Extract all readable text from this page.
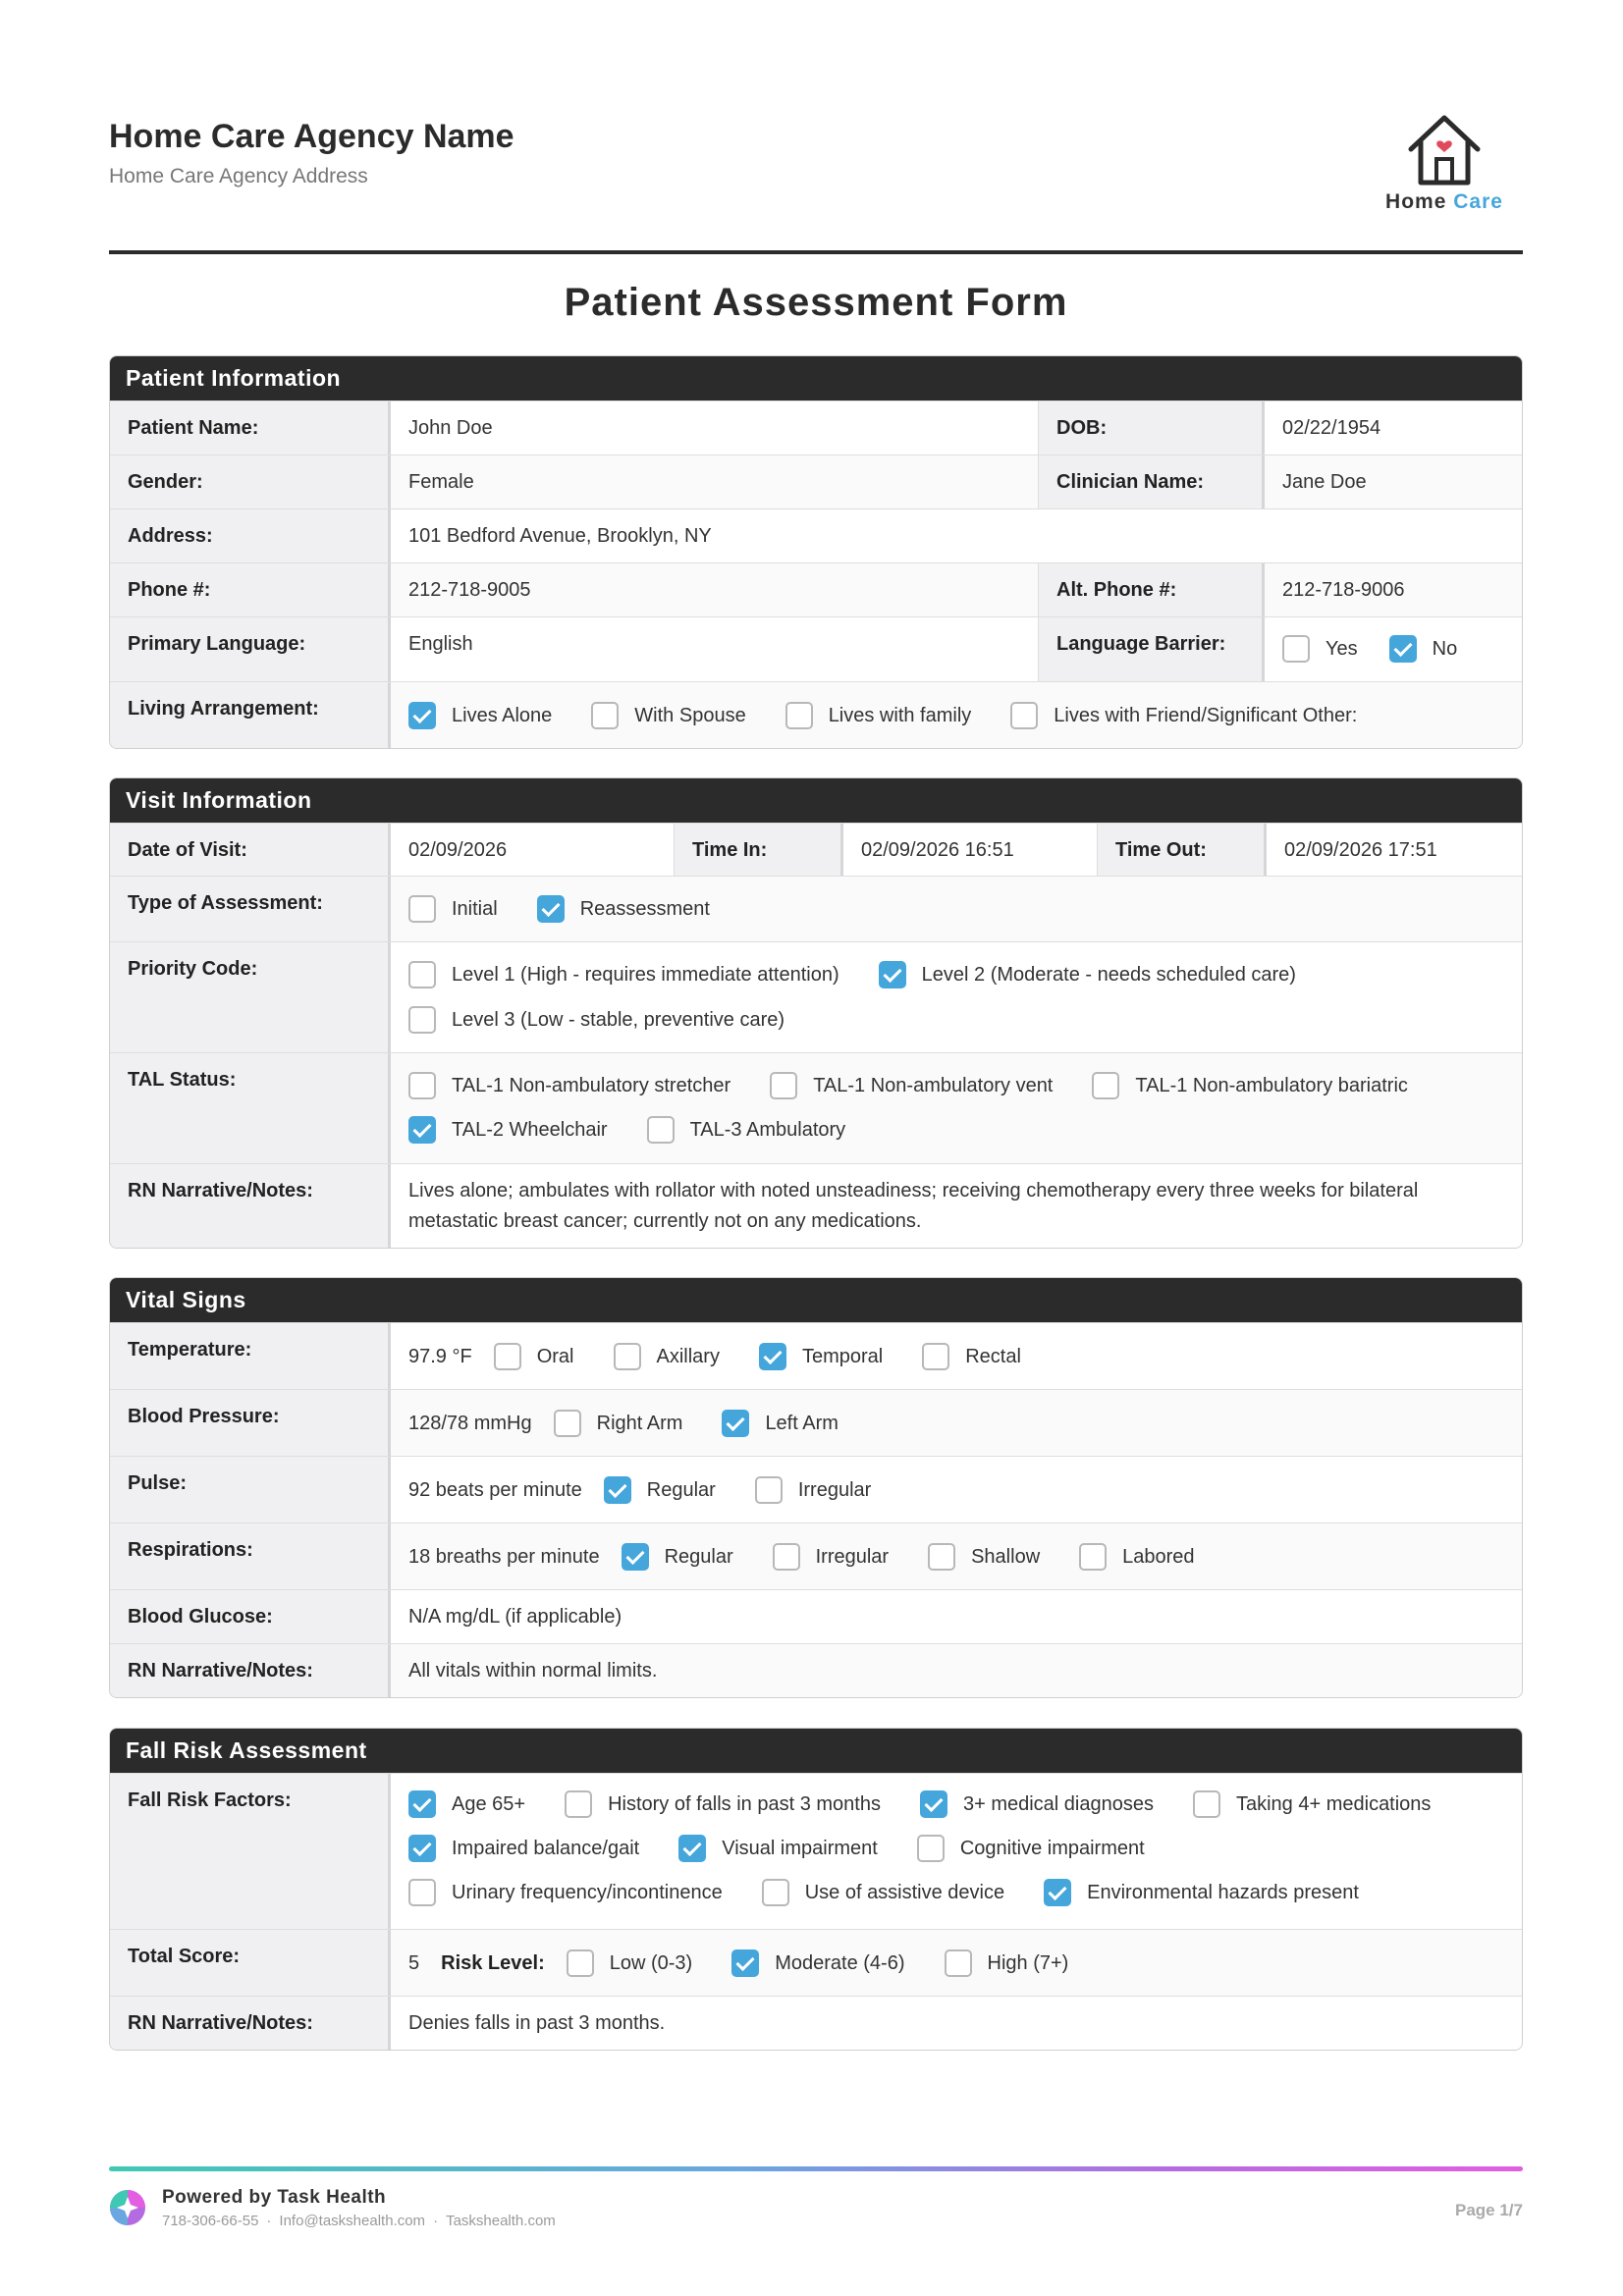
Home Care Agency Name
Home Care Agency Address
Home Care
Patient Assessment Form
Patient Information
Patient Name:	John Doe	DOB:	02/22/1954
Gender:	Female	Clinician Name:	Jane Doe
Address:	101 Bedford Avenue, Brooklyn, NY
Phone #:	212-718-9005	Alt. Phone #:	212-718-9006
Primary Language:	English	Language Barrier:	Yes	No
Living Arrangement:	Lives Alone	With Spouse	Lives with family	Lives with Friend/Significant Other:
Visit Information
Date of Visit:	02/09/2026	Time In:	02/09/2026 16:51	Time Out:	02/09/2026 17:51
Type of Assessment:	Initial	Reassessment
Priority Code:	Level 1 (High - requires immediate attention)	Level 2 (Moderate - needs scheduled care)
Level 3 (Low - stable, preventive care)
TAL Status:	TAL-1 Non-ambulatory stretcher	TAL-1 Non-ambulatory vent	TAL-1 Non-ambulatory bariatric
TAL-2 Wheelchair	TAL-3 Ambulatory
RN Narrative/Notes:	Lives alone; ambulates with rollator with noted unsteadiness; receiving chemotherapy every three weeks for bilateral metastatic breast cancer; currently not on any medications.
Vital Signs
Temperature:	97.9 °F	Oral	Axillary	Temporal	Rectal
Blood Pressure:	128/78 mmHg	Right Arm	Left Arm
Pulse:	92 beats per minute	Regular	Irregular
Respirations:	18 breaths per minute	Regular	Irregular	Shallow	Labored
Blood Glucose:	N/A mg/dL (if applicable)
RN Narrative/Notes:	All vitals within normal limits.
Fall Risk Assessment
Fall Risk Factors:	Age 65+	History of falls in past 3 months	3+ medical diagnoses	Taking 4+ medications
Impaired balance/gait	Visual impairment	Cognitive impairment
Urinary frequency/incontinence	Use of assistive device	Environmental hazards present
Total Score:	5 Risk Level:	Low (0-3)	Moderate (4-6)	High (7+)
RN Narrative/Notes:	Denies falls in past 3 months.
Powered by Task Health
718-306-66-55 · Info@taskshealth.com · Taskshealth.com
Page 1/7
